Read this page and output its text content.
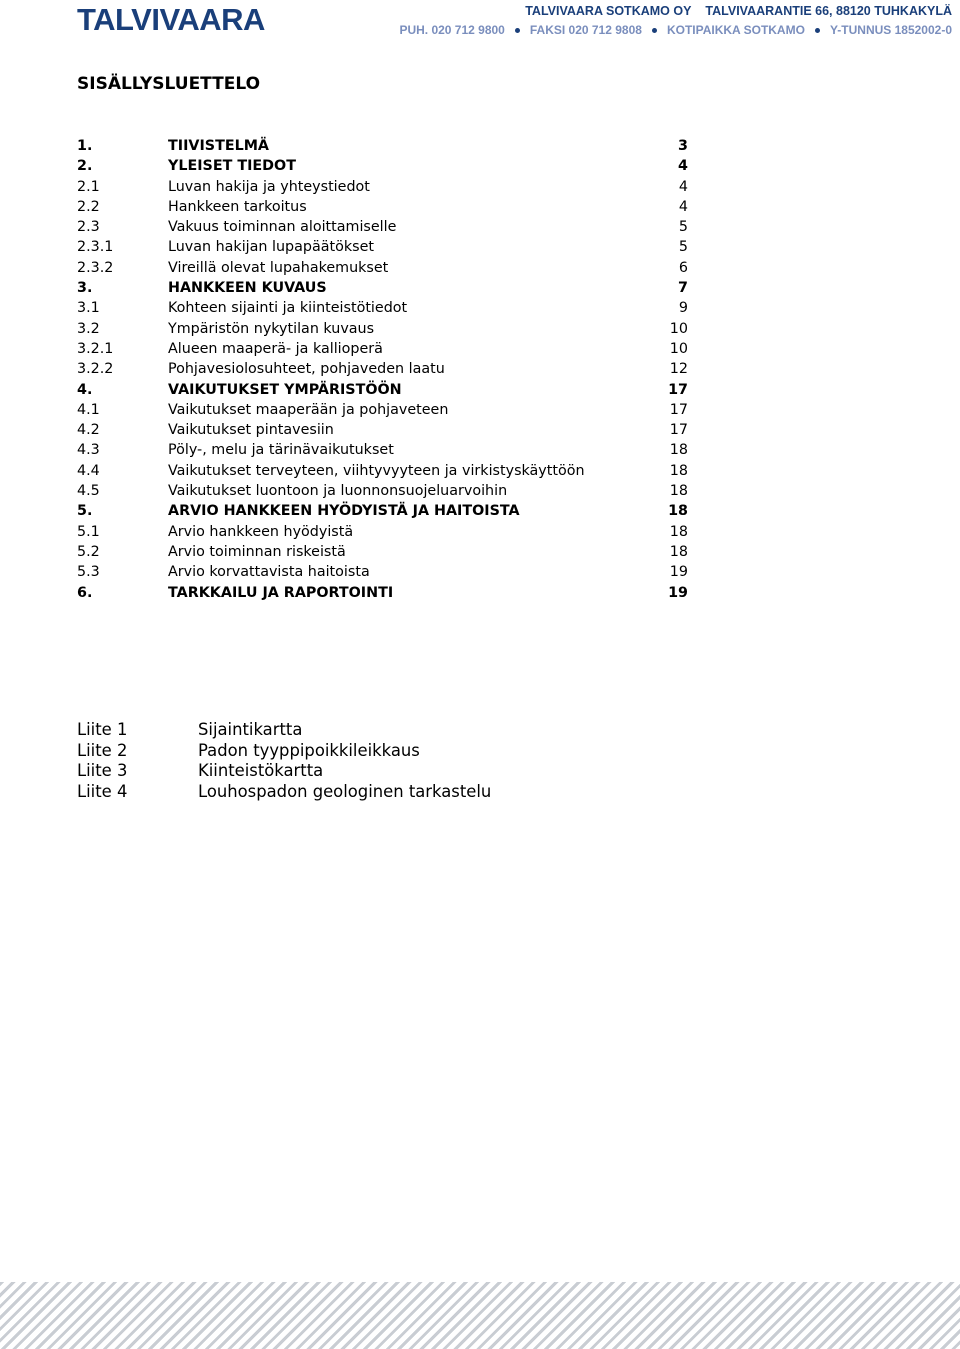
TALVIVAARA	TALVIVAARA SOTKAMO OY TALVIVAARANTIE 66, 88120 TUHKAKYLÄ
PUH. 020 712 9800 FAKSI 020 712 9808 KOTIPAIKKA SOTKAMO Y-TUNNUS 1852002-0
SISÄLLYSLUETTELO
1.	TIIVISTELMÄ	3
2.	YLEISET TIEDOT	4
2.1	Luvan hakija ja yhteystiedot	4
2.2	Hankkeen tarkoitus	4
2.3	Vakuus toiminnan aloittamiselle	5
2.3.1	Luvan hakijan lupapäätökset	5
2.3.2	Vireillä olevat lupahakemukset	6
3.	HANKKEEN KUVAUS	7
3.1	Kohteen sijainti ja kiinteistötiedot	9
3.2	Ympäristön nykytilan kuvaus	10
3.2.1	Alueen maaperä- ja kallioperä	10
3.2.2	Pohjavesiolosuhteet, pohjaveden laatu	12
4.	VAIKUTUKSET YMPÄRISTÖÖN	17
4.1	Vaikutukset maaperään ja pohjaveteen	17
4.2	Vaikutukset pintavesiin	17
4.3	Pöly-, melu ja tärinävaikutukset	18
4.4	Vaikutukset terveyteen, viihtyvyyteen ja virkistyskäyttöön	18
4.5	Vaikutukset luontoon ja luonnonsuojeluarvoihin	18
5.	ARVIO HANKKEEN HYÖDYISTÄ JA HAITOISTA	18
5.1	Arvio hankkeen hyödyistä	18
5.2	Arvio toiminnan riskeistä	18
5.3	Arvio korvattavista haitoista	19
6.	TARKKAILU JA RAPORTOINTI	19
Liite 1	Sijaintikartta
Liite 2	Padon tyyppipoikkileikkaus
Liite 3	Kiinteistökartta
Liite 4	Louhospadon geologinen tarkastelu
